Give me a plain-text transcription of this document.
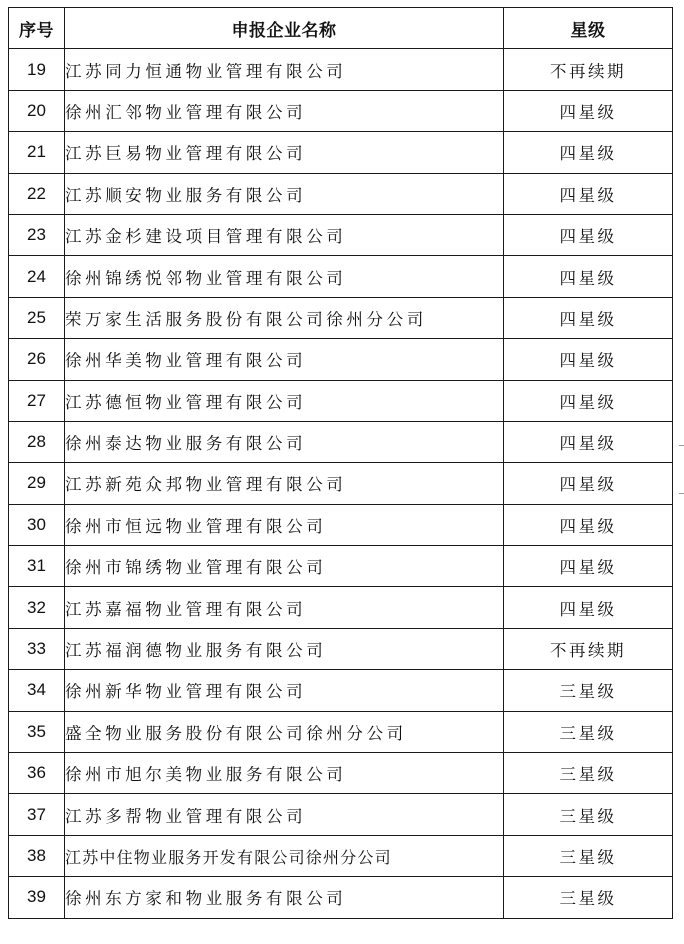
序号	申报企业名称	星级
19	江苏同力恒通物业管理有限公司	不再续期
20	徐州汇邻物业管理有限公司	四星级
21	江苏巨易物业管理有限公司	四星级
22	江苏顺安物业服务有限公司	四星级
23	江苏金杉建设项目管理有限公司	四星级
24	徐州锦绣悦邻物业管理有限公司	四星级
25	荣万家生活服务股份有限公司徐州分公司	四星级
26	徐州华美物业管理有限公司	四星级
27	江苏德恒物业管理有限公司	四星级
28	徐州泰达物业服务有限公司	四星级
29	江苏新苑众邦物业管理有限公司	四星级
30	徐州市恒远物业管理有限公司	四星级
31	徐州市锦绣物业管理有限公司	四星级
32	江苏嘉福物业管理有限公司	四星级
33	江苏福润德物业服务有限公司	不再续期
34	徐州新华物业管理有限公司	三星级
35	盛全物业服务股份有限公司徐州分公司	三星级
36	徐州市旭尔美物业服务有限公司	三星级
37	江苏多帮物业管理有限公司	三星级
38	江苏中住物业服务开发有限公司徐州分公司	三星级
39	徐州东方家和物业服务有限公司	三星级
